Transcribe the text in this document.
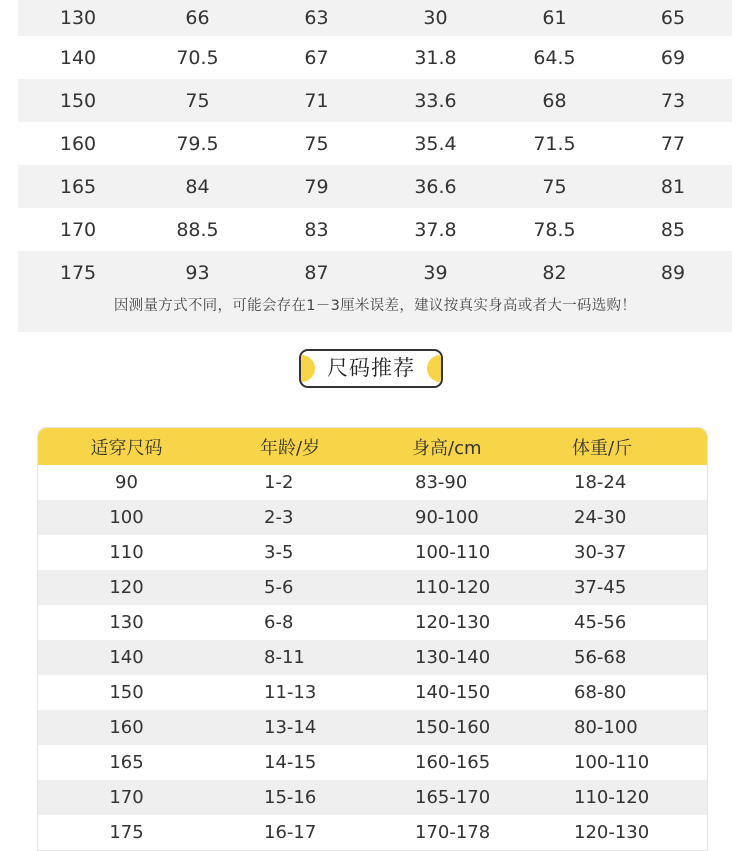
130	66	63	30	61	65
140	70.5	67	31.8	64.5	69
150	75	71	33.6	68	73
160	79.5	75	35.4	71.5	77
165	84	79	36.6	75	81
170	88.5	83	37.8	78.5	85
175	93	87	39	82	89
因测量方式不同，可能会存在1－3厘米误差，建议按真实身高或者大一码选购！
尺码推荐
适穿尺码	年龄/岁	身高/cm	体重/斤
90	1-2	83-90	18-24
100	2-3	90-100	24-30
110	3-5	100-110	30-37
120	5-6	110-120	37-45
130	6-8	120-130	45-56
140	8-11	130-140	56-68
150	11-13	140-150	68-80
160	13-14	150-160	80-100
165	14-15	160-165	100-110
170	15-16	165-170	110-120
175	16-17	170-178	120-130
